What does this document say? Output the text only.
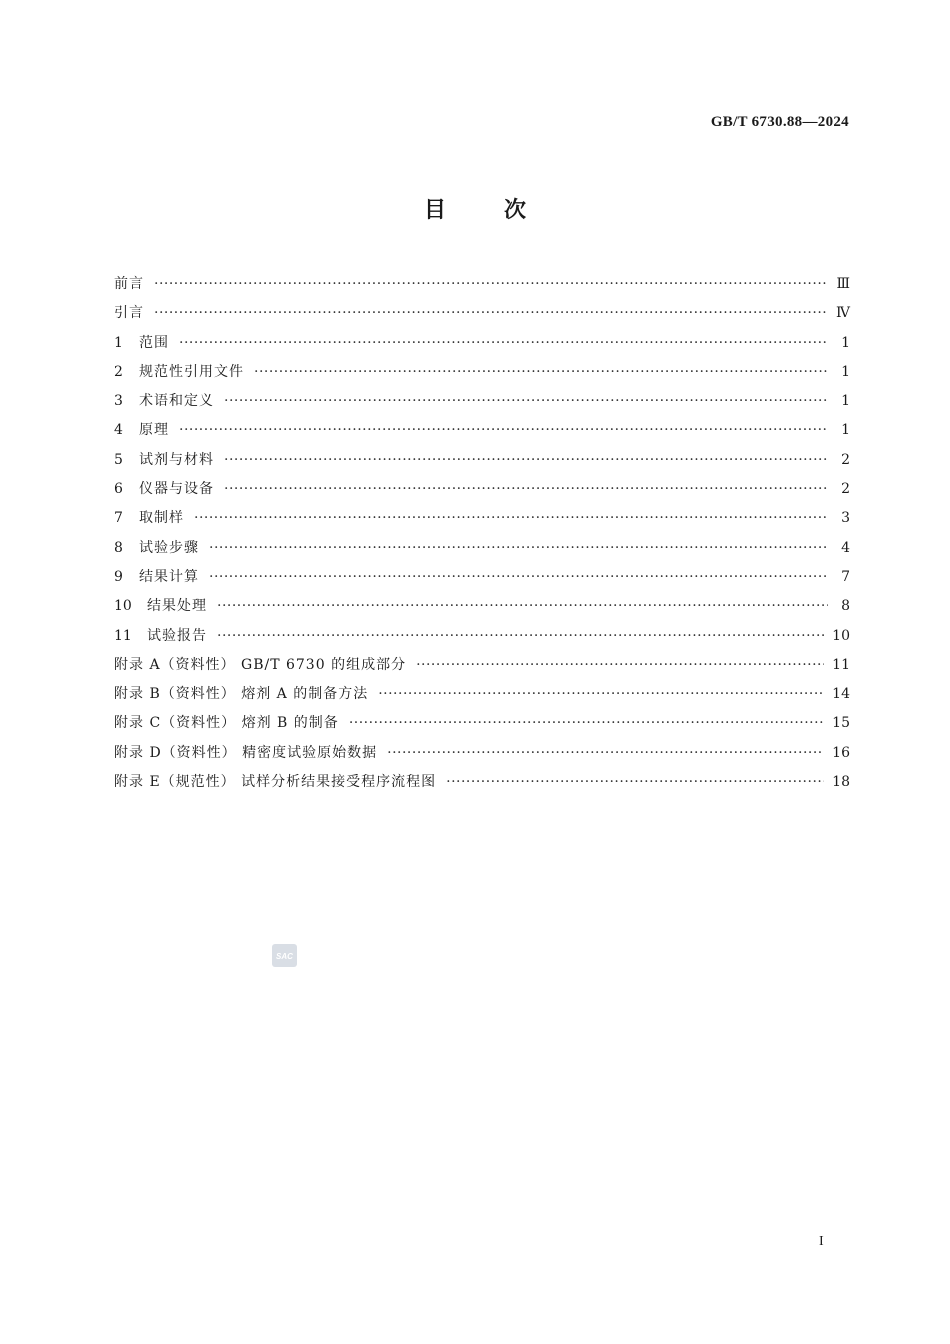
GB/T 6730.88—2024
目次
前言 ·····	Ⅲ
引言 ·····	Ⅳ
1	范围 ·····	1
2	规范性引用文件 ·····	1
3	术语和定义 ·····	1
4	原理 ·····	1
5	试剂与材料 ·····	2
6	仪器与设备 ·····	2
7	取制样 ·····	3
8	试验步骤 ·····	4
9	结果计算 ·····	7
10	结果处理 ·····	8
11	试验报告 ·····	10
附录 A（资料性） GB/T 6730 的组成部分 ·····	11
附录 B（资料性） 熔剂 A 的制备方法 ·····	14
附录 C（资料性） 熔剂 B 的制备 ·····	15
附录 D（资料性） 精密度试验原始数据 ·····	16
附录 E（规范性） 试样分析结果接受程序流程图 ·····	18
SAC
I
